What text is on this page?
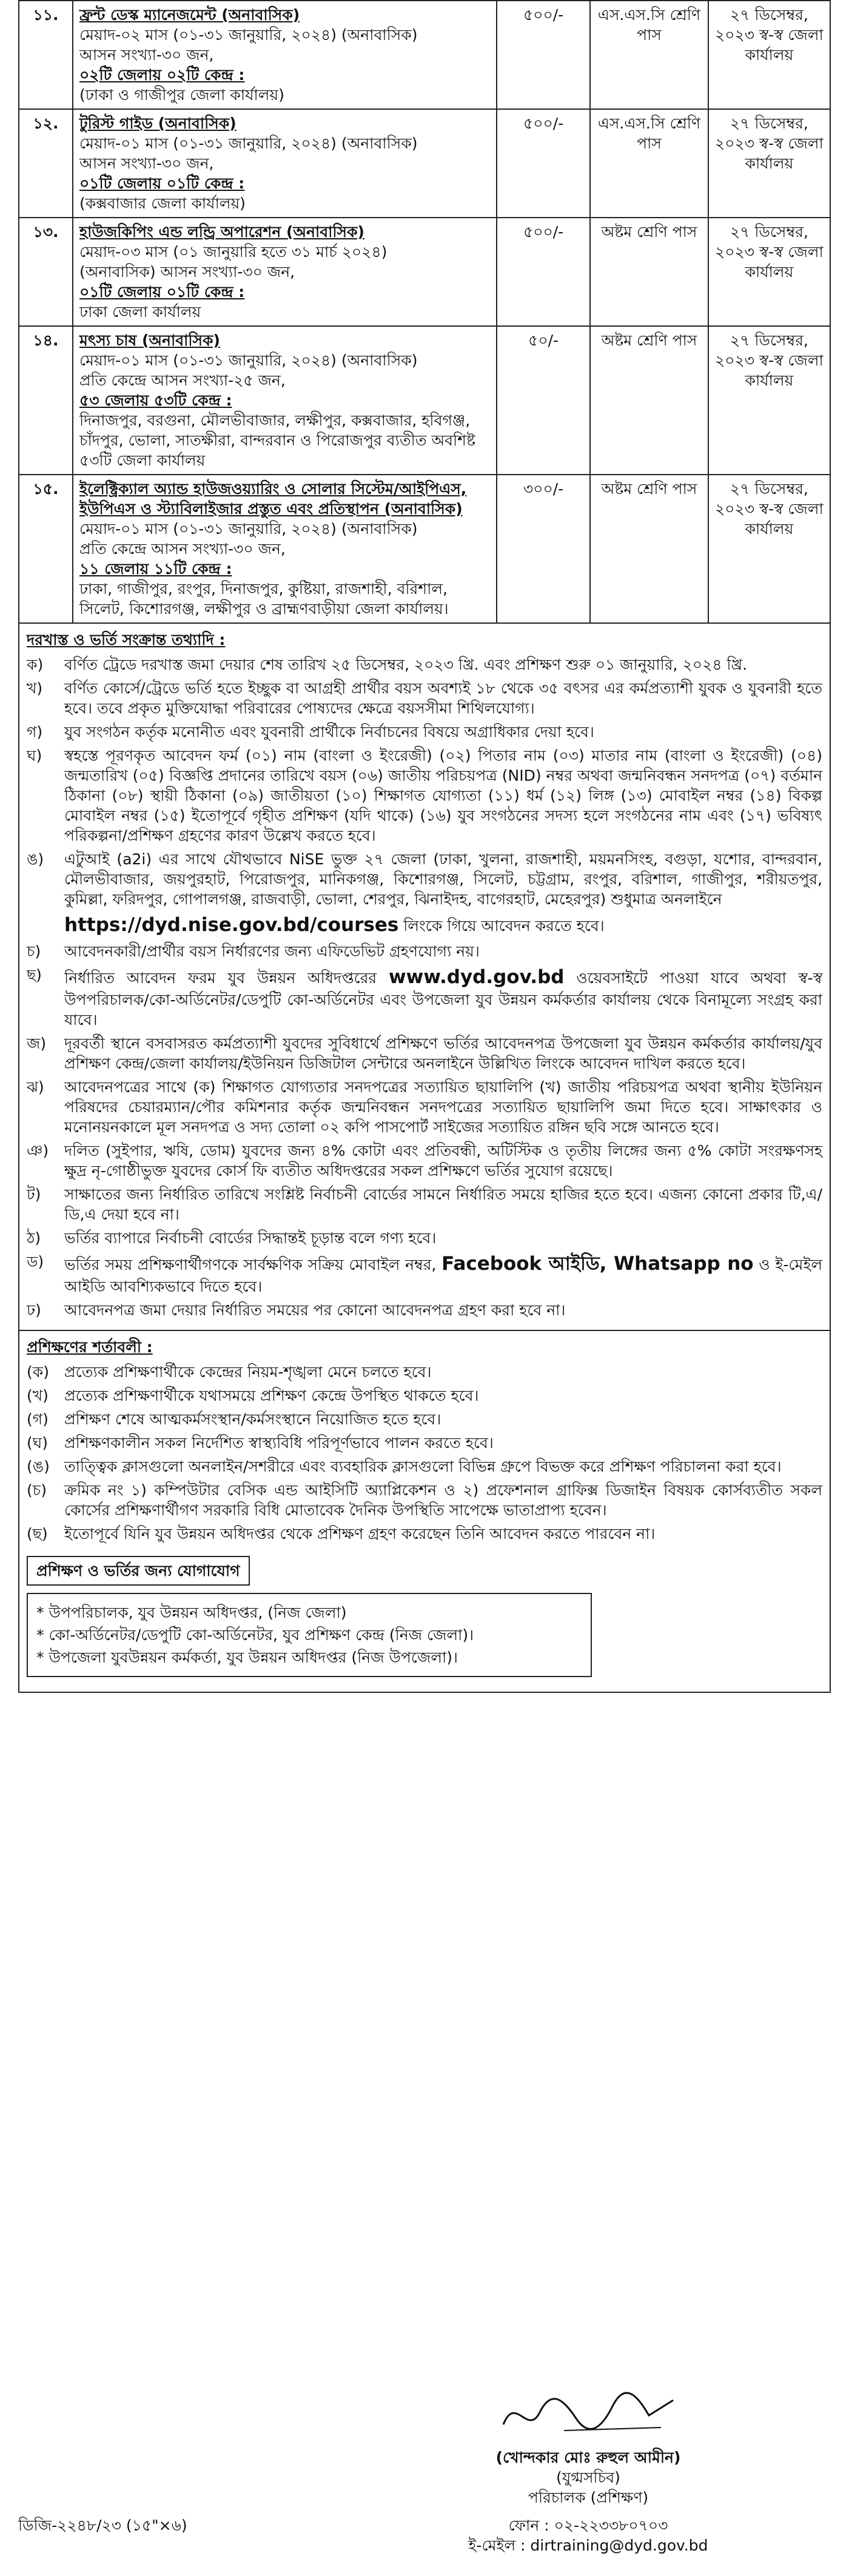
১১.	ফ্রন্ট ডেস্ক ম্যানেজমেন্ট (অনাবাসিক)
মেয়াদ-০২ মাস (০১-৩১ জানুয়ারি, ২০২৪) (অনাবাসিক)
আসন সংখ্যা-৩০ জন,
০২টি জেলায় ০২টি কেন্দ্র :
(ঢাকা ও গাজীপুর জেলা কার্যালয়)	৫০০/-	এস.এস.সি শ্রেণি পাস	২৭ ডিসেম্বর, ২০২৩ স্ব-স্ব জেলা কার্যালয়
১২.	টুরিস্ট গাইড (অনাবাসিক)
মেয়াদ-০১ মাস (০১-৩১ জানুয়ারি, ২০২৪) (অনাবাসিক)
আসন সংখ্যা-৩০ জন,
০১টি জেলায় ০১টি কেন্দ্র :
(কক্সবাজার জেলা কার্যালয়)	৫০০/-	এস.এস.সি শ্রেণি পাস	২৭ ডিসেম্বর, ২০২৩ স্ব-স্ব জেলা কার্যালয়
১৩.	হাউজকিপিং এন্ড লন্ড্রি অপারেশন (অনাবাসিক)
মেয়াদ-০৩ মাস (০১ জানুয়ারি হতে ৩১ মার্চ ২০২৪)
(অনাবাসিক) আসন সংখ্যা-৩০ জন,
০১টি জেলায় ০১টি কেন্দ্র :
ঢাকা জেলা কার্যালয়	৫০০/-	অষ্টম শ্রেণি পাস	২৭ ডিসেম্বর, ২০২৩ স্ব-স্ব জেলা কার্যালয়
১৪.	মৎস্য চাষ (অনাবাসিক)
মেয়াদ-০১ মাস (০১-৩১ জানুয়ারি, ২০২৪) (অনাবাসিক)
প্রতি কেন্দ্রে আসন সংখ্যা-২৫ জন,
৫৩ জেলায় ৫৩টি কেন্দ্র :
দিনাজপুর, বরগুনা, মৌলভীবাজার, লক্ষীপুর, কক্সবাজার, হবিগঞ্জ, চাঁদপুর, ভোলা, সাতক্ষীরা, বান্দরবান ও পিরোজপুর ব্যতীত অবশিষ্ট ৫৩টি জেলা কার্যালয়	৫০/-	অষ্টম শ্রেণি পাস	২৭ ডিসেম্বর, ২০২৩ স্ব-স্ব জেলা কার্যালয়
১৫.	ইলেক্ট্রিক্যাল অ্যান্ড হাউজওয়্যারিং ও সোলার সিস্টেম/আইপিএস, ইউপিএস ও স্ট্যাবিলাইজার প্রস্তুত এবং প্রতিস্থাপন (অনাবাসিক)
মেয়াদ-০১ মাস (০১-৩১ জানুয়ারি, ২০২৪) (অনাবাসিক)
প্রতি কেন্দ্রে আসন সংখ্যা-৩০ জন,
১১ জেলায় ১১টি কেন্দ্র :
ঢাকা, গাজীপুর, রংপুর, দিনাজপুর, কুষ্টিয়া, রাজশাহী, বরিশাল, সিলেট, কিশোরগঞ্জ, লক্ষীপুর ও ব্রাহ্মণবাড়ীয়া জেলা কার্যালয়।	৩০০/-	অষ্টম শ্রেণি পাস	২৭ ডিসেম্বর, ২০২৩ স্ব-স্ব জেলা কার্যালয়
দরখাস্ত ও ভর্তি সংক্রান্ত তথ্যাদি :
ক)	বর্ণিত ট্রেডে দরখাস্ত জমা দেয়ার শেষ তারিখ ২৫ ডিসেম্বর, ২০২৩ খ্রি. এবং প্রশিক্ষণ শুরু ০১ জানুয়ারি, ২০২৪ খ্রি.
খ)	বর্ণিত কোর্সে/ট্রেডে ভর্তি হতে ইচ্ছুক বা আগ্রহী প্রার্থীর বয়স অবশ্যই ১৮ থেকে ৩৫ বৎসর এর কর্মপ্রত্যাশী যুবক ও যুবনারী হতে হবে। তবে প্রকৃত মুক্তিযোদ্ধা পরিবারের পোষ্যদের ক্ষেত্রে বয়সসীমা শিথিলযোগ্য।
গ)	যুব সংগঠন কর্তৃক মনোনীত এবং যুবনারী প্রার্থীকে নির্বাচনের বিষয়ে অগ্রাধিকার দেয়া হবে।
ঘ)	স্বহস্তে পূরণকৃত আবেদন ফর্ম (০১) নাম (বাংলা ও ইংরেজী) (০২) পিতার নাম (০৩) মাতার নাম (বাংলা ও ইংরেজী) (০৪) জন্মতারিখ (০৫) বিজ্ঞপ্তি প্রদানের তারিখে বয়স (০৬) জাতীয় পরিচয়পত্র (NID) নম্বর অথবা জন্মনিবন্ধন সনদপত্র (০৭) বর্তমান ঠিকানা (০৮) স্থায়ী ঠিকানা (০৯) জাতীয়তা (১০) শিক্ষাগত যোগ্যতা (১১) ধর্ম (১২) লিঙ্গ (১৩) মোবাইল নম্বর (১৪) বিকল্প মোবাইল নম্বর (১৫) ইতোপূর্বে গৃহীত প্রশিক্ষণ (যদি থাকে) (১৬) যুব সংগঠনের সদস্য হলে সংগঠনের নাম এবং (১৭) ভবিষ্যৎ পরিকল্পনা/প্রশিক্ষণ গ্রহণের কারণ উল্লেখ করতে হবে।
ঙ)	এটুআই (a2i) এর সাথে যৌথভাবে NiSE ভুক্ত ২৭ জেলা (ঢাকা, খুলনা, রাজশাহী, ময়মনসিংহ, বগুড়া, যশোর, বান্দরবান, মৌলভীবাজার, জয়পুরহাট, পিরোজপুর, মানিকগঞ্জ, কিশোরগঞ্জ, সিলেট, চট্টগ্রাম, রংপুর, বরিশাল, গাজীপুর, শরীয়তপুর, কুমিল্লা, ফরিদপুর, গোপালগঞ্জ, রাজবাড়ী, ভোলা, শেরপুর, ঝিনাইদহ, বাগেরহাট, মেহেরপুর) শুধুমাত্র অনলাইনে
https://dyd.nise.gov.bd/courses লিংকে গিয়ে আবেদন করতে হবে।
চ)	আবেদনকারী/প্রার্থীর বয়স নির্ধারণের জন্য এফিডেভিট গ্রহণযোগ্য নয়।
ছ)	নির্ধারিত আবেদন ফরম যুব উন্নয়ন অধিদপ্তরের www.dyd.gov.bd ওয়েবসাইটে পাওয়া যাবে অথবা স্ব-স্ব উপপরিচালক/কো-অর্ডিনেটর/ডেপুটি কো-অর্ডিনেটর এবং উপজেলা যুব উন্নয়ন কর্মকর্তার কার্যালয় থেকে বিনামূল্যে সংগ্রহ করা যাবে।
জ)	দূরবর্তী স্থানে বসবাসরত কর্মপ্রত্যাশী যুবদের সুবিধার্থে প্রশিক্ষণে ভর্তির আবেদনপত্র উপজেলা যুব উন্নয়ন কর্মকর্তার কার্যালয়/যুব প্রশিক্ষণ কেন্দ্র/জেলা কার্যালয়/ইউনিয়ন ডিজিটাল সেন্টারে অনলাইনে উল্লিখিত লিংকে আবেদন দাখিল করতে হবে।
ঝ)	আবেদনপত্রের সাথে (ক) শিক্ষাগত যোগ্যতার সনদপত্রের সত্যায়িত ছায়ালিপি (খ) জাতীয় পরিচয়পত্র অথবা স্থানীয় ইউনিয়ন পরিষদের চেয়ারম্যান/পৌর কমিশনার কর্তৃক জন্মনিবন্ধন সনদপত্রের সত্যায়িত ছায়ালিপি জমা দিতে হবে। সাক্ষাৎকার ও মনোনয়নকালে মূল সনদপত্র ও সদ্য তোলা ০২ কপি পাসপোর্ট সাইজের সত্যায়িত রঙ্গিন ছবি সঙ্গে আনতে হবে।
ঞ)	দলিত (সুইপার, ঋষি, ডোম) যুবদের জন্য ৪% কোটা এবং প্রতিবন্ধী, অটিস্টিক ও তৃতীয় লিঙ্গের জন্য ৫% কোটা সংরক্ষণসহ ক্ষুদ্র নৃ-গোষ্ঠীভুক্ত যুবদের কোর্স ফি ব্যতীত অধিদপ্তরের সকল প্রশিক্ষণে ভর্তির সুযোগ রয়েছে।
ট)	সাক্ষাতের জন্য নির্ধারিত তারিখে সংশ্লিষ্ট নির্বাচনী বোর্ডের সামনে নির্ধারিত সময়ে হাজির হতে হবে। এজন্য কোনো প্রকার টি,এ/ডি,এ দেয়া হবে না।
ঠ)	ভর্তির ব্যাপারে নির্বাচনী বোর্ডের সিদ্ধান্তই চূড়ান্ত বলে গণ্য হবে।
ড)	ভর্তির সময় প্রশিক্ষণার্থীগণকে সার্বক্ষণিক সক্রিয় মোবাইল নম্বর, Facebook আইডি, Whatsapp no ও ই-মেইল আইডি আবশ্যিকভাবে দিতে হবে।
ঢ)	আবেদনপত্র জমা দেয়ার নির্ধারিত সময়ের পর কোনো আবেদনপত্র গ্রহণ করা হবে না।
প্রশিক্ষণের শর্তাবলী :
(ক)	প্রত্যেক প্রশিক্ষণার্থীকে কেন্দ্রের নিয়ম-শৃঙ্খলা মেনে চলতে হবে।
(খ)	প্রত্যেক প্রশিক্ষণার্থীকে যথাসময়ে প্রশিক্ষণ কেন্দ্রে উপস্থিত থাকতে হবে।
(গ)	প্রশিক্ষণ শেষে আত্মকর্মসংস্থান/কর্মসংস্থানে নিয়োজিত হতে হবে।
(ঘ)	প্রশিক্ষণকালীন সকল নির্দেশিত স্বাস্থ্যবিধি পরিপূর্ণভাবে পালন করতে হবে।
(ঙ) তাত্ত্বিক ক্লাসগুলো অনলাইন/সশরীরে এবং ব্যবহারিক ক্লাসগুলো বিভিন্ন গ্রুপে বিভক্ত করে প্রশিক্ষণ পরিচালনা করা হবে।
(চ)	ক্রমিক নং ১) কম্পিউটার বেসিক এন্ড আইসিটি অ্যাপ্লিকেশন ও ২) প্রফেশনাল গ্রাফিক্স ডিজাইন বিষয়ক কোর্সব্যতীত সকল কোর্সের প্রশিক্ষণার্থীগণ সরকারি বিধি মোতাবেক দৈনিক উপস্থিতি সাপেক্ষে ভাতাপ্রাপ্য হবেন।
(ছ)	ইতোপূর্বে যিনি যুব উন্নয়ন অধিদপ্তর থেকে প্রশিক্ষণ গ্রহণ করেছেন তিনি আবেদন করতে পারবেন না।
প্রশিক্ষণ ও ভর্তির জন্য যোগাযোগ
* উপপরিচালক, যুব উন্নয়ন অধিদপ্তর, (নিজ জেলা)
* কো-অর্ডিনেটর/ডেপুটি কো-অর্ডিনেটর, যুব প্রশিক্ষণ কেন্দ্র (নিজ জেলা)।
* উপজেলা যুবউন্নয়ন কর্মকর্তা, যুব উন্নয়ন অধিদপ্তর (নিজ উপজেলা)।
(খোন্দকার মোঃ রুহুল আমীন)
(যুগ্মসচিব)
পরিচালক (প্রশিক্ষণ)
ডিজি-২২৪৮/২৩ (১৫"×৬)	ফোন : ০২-২২৩৩৮০৭০৩
ই-মেইল : dirtraining@dyd.gov.bd
